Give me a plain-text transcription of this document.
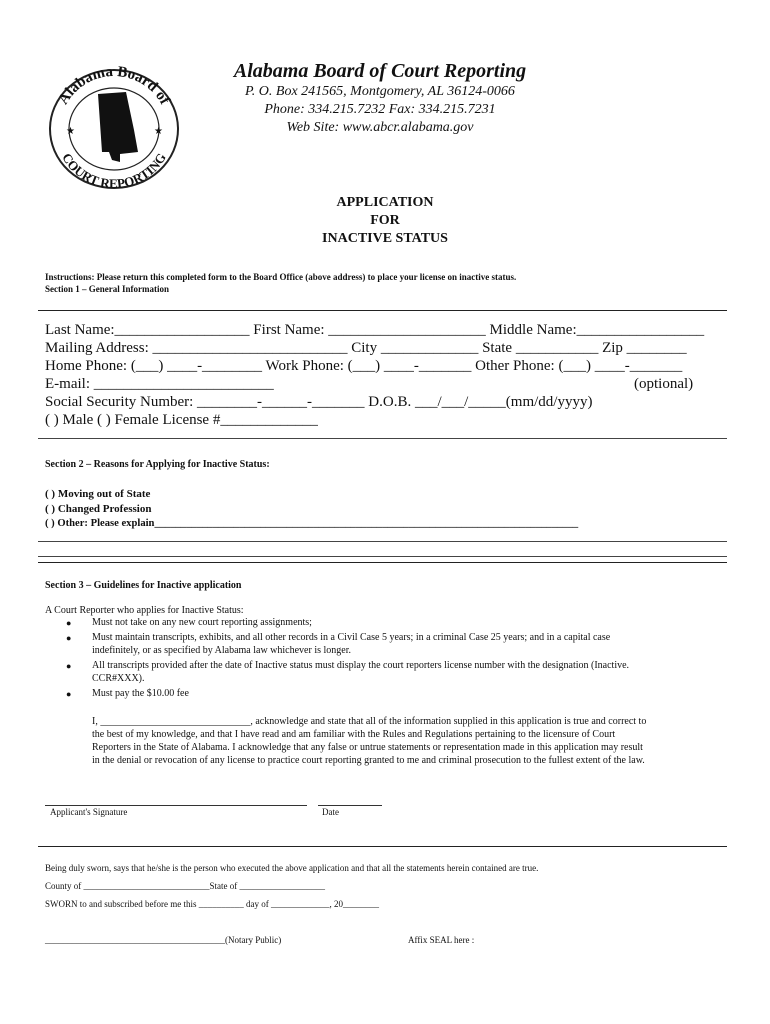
Alabama Board of
COURT REPORTING
★	★
Alabama Board of Court Reporting
P. O. Box 241565, Montgomery, AL 36124-0066
Phone: 334.215.7232 Fax: 334.215.7231
Web Site: www.abcr.alabama.gov
APPLICATION
FOR
INACTIVE STATUS
Instructions: Please return this completed form to the Board Office (above address) to place your license on inactive status.
Section 1 – General Information
Last Name:__________________ First Name: _____________________ Middle Name:_________________
Mailing Address: __________________________ City _____________ State ___________ Zip ________
Home Phone: (___) ____-________ Work Phone: (___) ____-_______ Other Phone: (___) ____-_______
E-mail: ________________________	(optional)
Social Security Number: ________-______-_______ D.O.B. ___/___/_____(mm/dd/yyyy)
( ) Male ( ) Female License #_____________
Section 2 – Reasons for Applying for Inactive Status:
( ) Moving out of State
( ) Changed Profession
( ) Other: Please explain________________________________________________________________________________
Section 3 – Guidelines for Inactive application
A Court Reporter who applies for Inactive Status:
● Must not take on any new court reporting assignments;
● Must maintain transcripts, exhibits, and all other records in a Civil Case 5 years; in a criminal Case 25 years; and in a capital case
indefinitely, or as specified by Alabama law whichever is longer.
● All transcripts provided after the date of Inactive status must display the court reporters license number with the designation (Inactive.
CCR#XXX).
● Must pay the $10.00 fee
I, ______________________________, acknowledge and state that all of the information supplied in this application is true and correct to
the best of my knowledge, and that I have read and am familiar with the Rules and Regulations pertaining to the licensure of Court
Reporters in the State of Alabama. I acknowledge that any false or untrue statements or representation made in this application may result
in the denial or revocation of any license to practice court reporting granted to me and criminal prosecution to the fullest extent of the law.
Applicant's Signature	Date
Being duly sworn, says that he/she is the person who executed the above application and that all the statements herein contained are true.
County of ____________________________State of ___________________
SWORN to and subscribed before me this __________ day of _____________, 20________
________________________________________(Notary Public)	Affix SEAL here :
